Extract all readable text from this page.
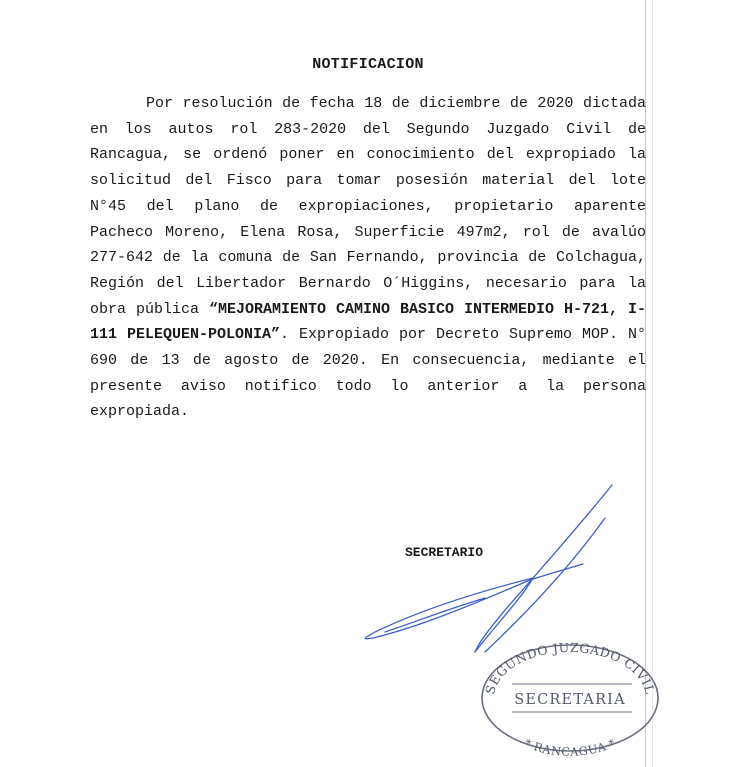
NOTIFICACION

Por resolución de fecha 18 de diciembre de 2020 dictada en los autos rol 283-2020 del Segundo Juzgado Civil de Rancagua, se ordenó poner en conocimiento del expropiado la solicitud del Fisco para tomar posesión material del lote N°45 del plano de expropiaciones, propietario aparente Pacheco Moreno, Elena Rosa, Superficie 497m2, rol de avalúo 277-642 de la comuna de San Fernando, provincia de Colchagua, Región del Libertador Bernardo O´Higgins, necesario para la obra pública “MEJORAMIENTO CAMINO BASICO INTERMEDIO H-721, I-111 PELEQUEN-POLONIA”. Expropiado por Decreto Supremo MOP. N° 690 de 13 de agosto de 2020. En consecuencia, mediante el presente aviso notifico todo lo anterior a la persona expropiada.

SECRETARIO
SEGUNDO JUZGADO CIVIL
SECRETARIA
* RANCAGUA *
